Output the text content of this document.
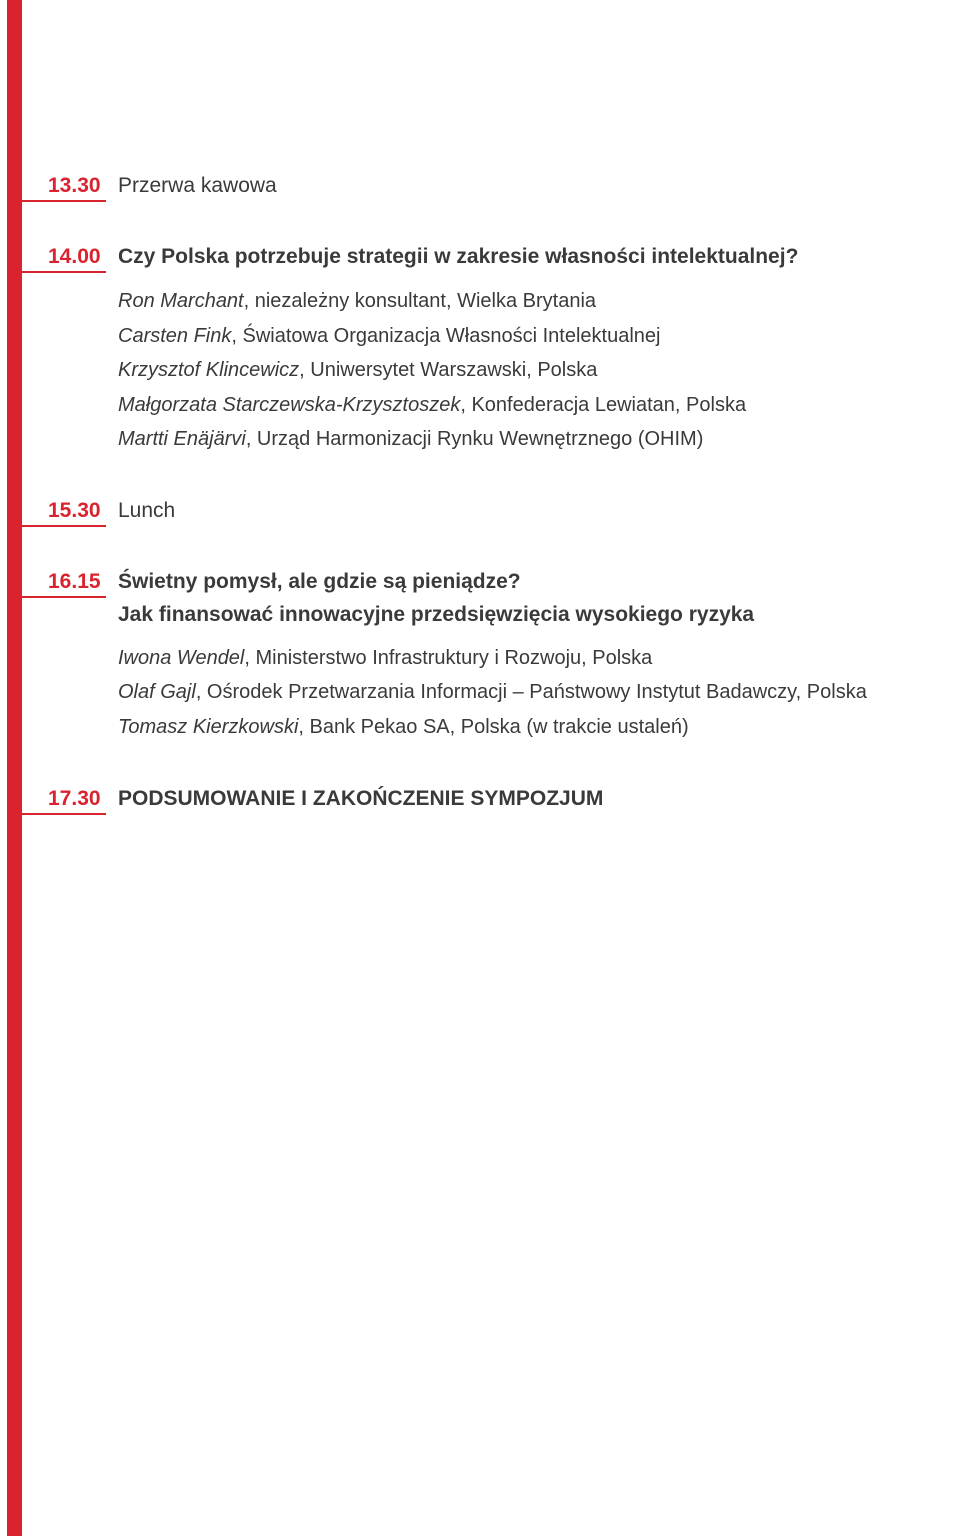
13.30 Przerwa kawowa
14.00 Czy Polska potrzebuje strategii w zakresie własności intelektualnej?
Ron Marchant, niezależny konsultant, Wielka Brytania
Carsten Fink, Światowa Organizacja Własności Intelektualnej
Krzysztof Klincewicz, Uniwersytet Warszawski, Polska
Małgorzata Starczewska-Krzysztoszek, Konfederacja Lewiatan, Polska
Martti Enäjärvi, Urząd Harmonizacji Rynku Wewnętrznego (OHIM)
15.30 Lunch
16.15 Świetny pomysł, ale gdzie są pieniądze?
Jak finansować innowacyjne przedsięwzięcia wysokiego ryzyka
Iwona Wendel, Ministerstwo Infrastruktury i Rozwoju, Polska
Olaf Gajl, Ośrodek Przetwarzania Informacji – Państwowy Instytut Badawczy, Polska
Tomasz Kierzkowski, Bank Pekao SA, Polska (w trakcie ustaleń)
17.30 PODSUMOWANIE I ZAKOŃCZENIE SYMPOZJUM
